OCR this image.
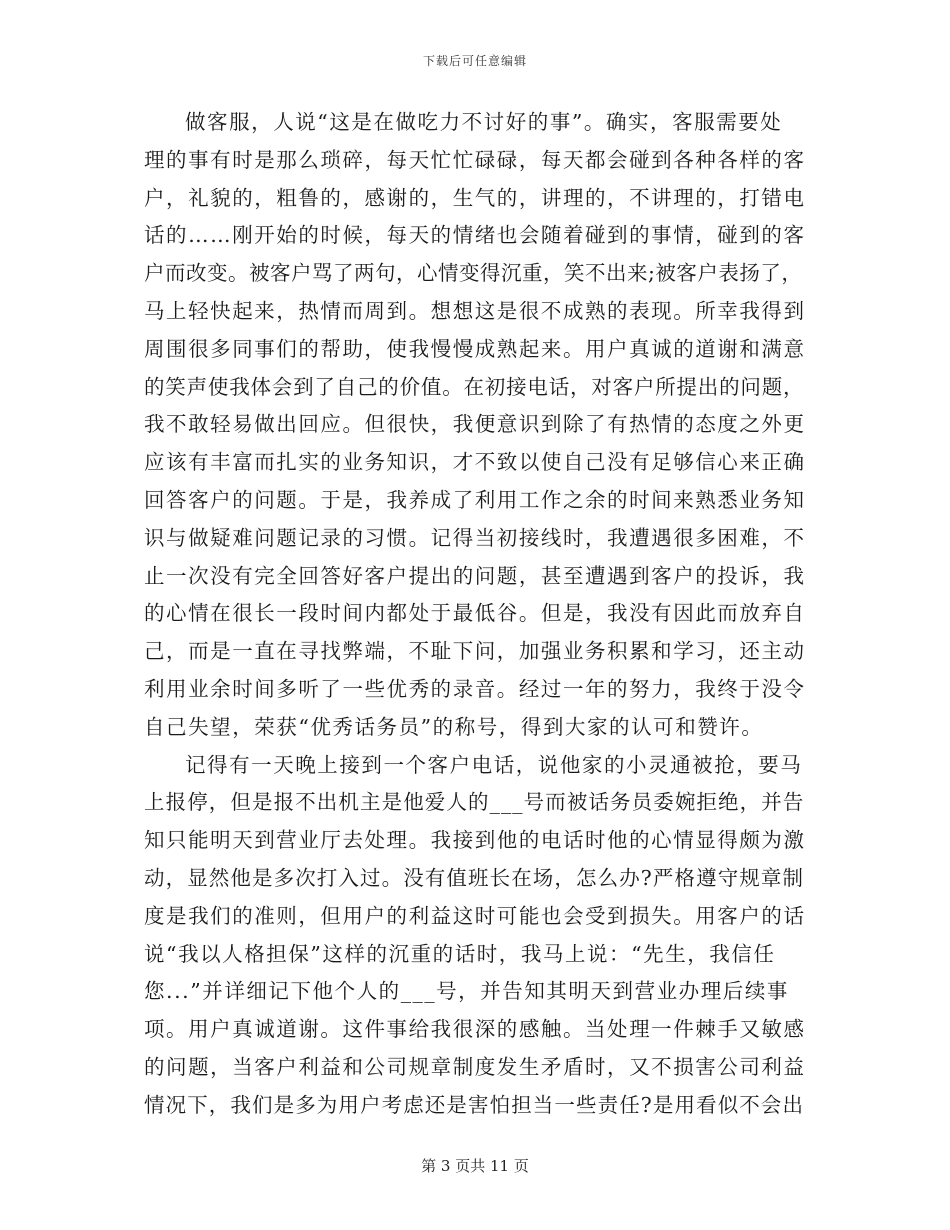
下载后可任意编辑
做客服，人说“这是在做吃力不讨好的事”。确实，客服需要处
理的事有时是那么琐碎，每天忙忙碌碌，每天都会碰到各种各样的客
户，礼貌的，粗鲁的，感谢的，生气的，讲理的，不讲理的，打错电
话的……刚开始的时候，每天的情绪也会随着碰到的事情，碰到的客
户而改变。被客户骂了两句，心情变得沉重，笑不出来;被客户表扬了，
马上轻快起来，热情而周到。想想这是很不成熟的表现。所幸我得到
周围很多同事们的帮助，使我慢慢成熟起来。用户真诚的道谢和满意
的笑声使我体会到了自己的价值。在初接电话，对客户所提出的问题，
我不敢轻易做出回应。但很快，我便意识到除了有热情的态度之外更
应该有丰富而扎实的业务知识，才不致以使自己没有足够信心来正确
回答客户的问题。于是，我养成了利用工作之余的时间来熟悉业务知
识与做疑难问题记录的习惯。记得当初接线时，我遭遇很多困难，不
止一次没有完全回答好客户提出的问题，甚至遭遇到客户的投诉，我
的心情在很长一段时间内都处于最低谷。但是，我没有因此而放弃自
己，而是一直在寻找弊端，不耻下问，加强业务积累和学习，还主动
利用业余时间多听了一些优秀的录音。经过一年的努力，我终于没令
自己失望，荣获“优秀话务员”的称号，得到大家的认可和赞许。
记得有一天晚上接到一个客户电话，说他家的小灵通被抢，要马
上报停，但是报不出机主是他爱人的___号而被话务员委婉拒绝，并告
知只能明天到营业厅去处理。我接到他的电话时他的心情显得颇为激
动，显然他是多次打入过。没有值班长在场，怎么办?严格遵守规章制
度是我们的准则，但用户的利益这时可能也会受到损失。用客户的话
说“我以人格担保”这样的沉重的话时，我马上说：“先生，我信任
您...”并详细记下他个人的___号，并告知其明天到营业办理后续事
项。用户真诚道谢。这件事给我很深的感触。当处理一件棘手又敏感
的问题，当客户利益和公司规章制度发生矛盾时，又不损害公司利益
情况下，我们是多为用户考虑还是害怕担当一些责任?是用看似不会出
第 3 页共 11 页
